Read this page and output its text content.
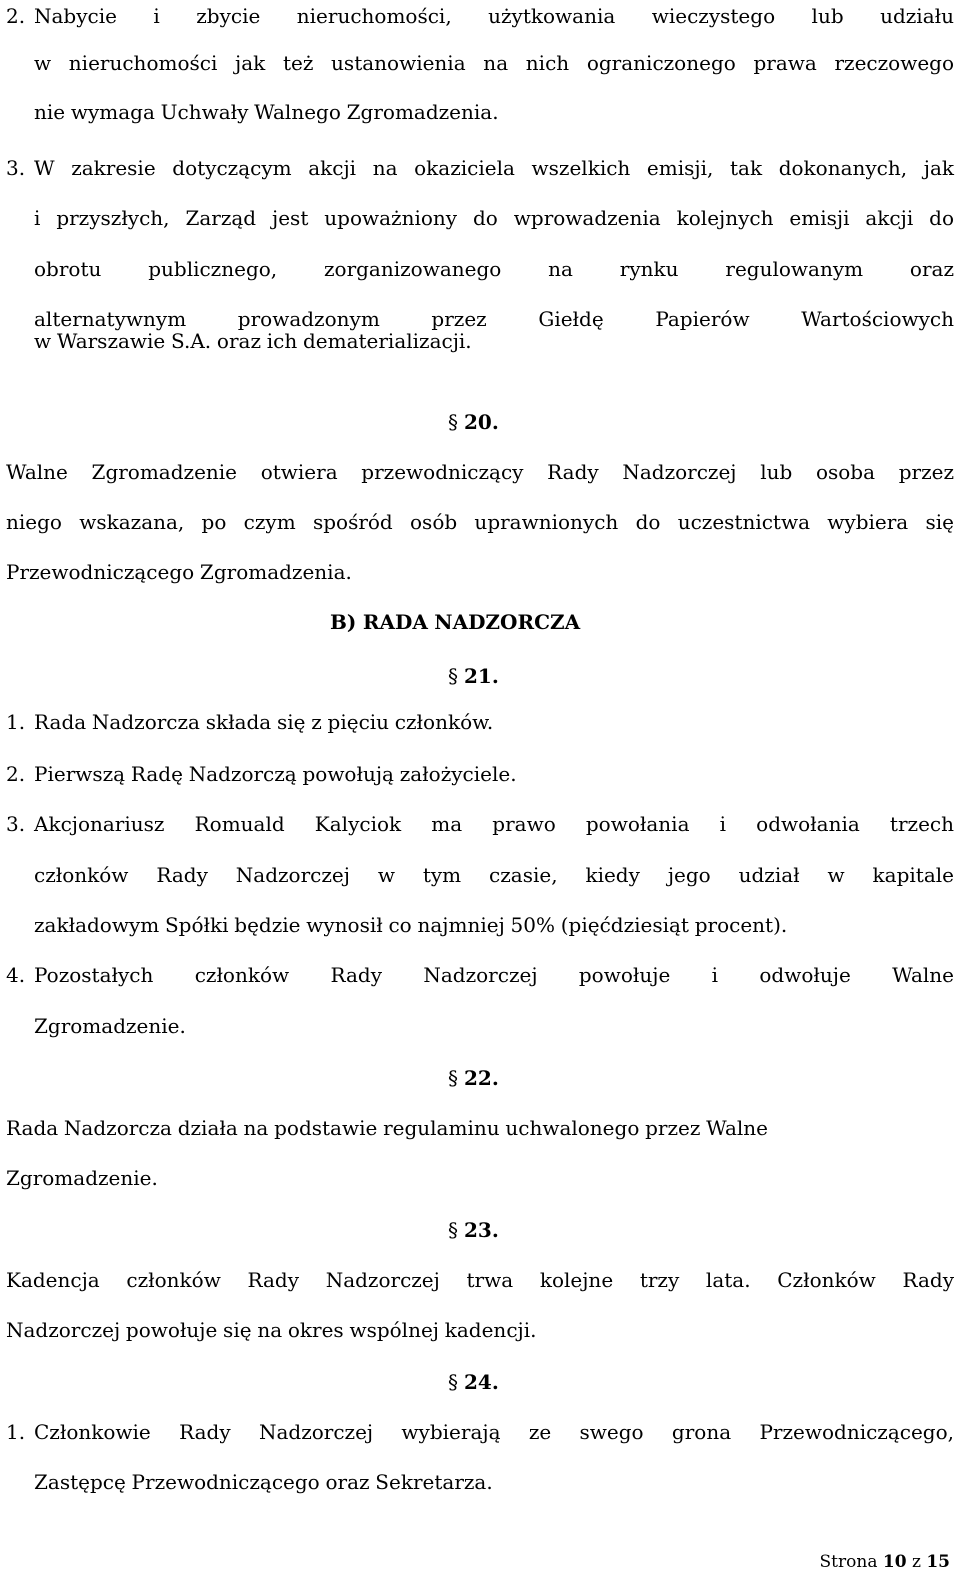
2. Nabycie i zbycie nieruchomości, użytkowania wieczystego lub udziału
w nieruchomości jak też ustanowienia na nich ograniczonego prawa rzeczowego
nie wymaga Uchwały Walnego Zgromadzenia.
3. W zakresie dotyczącym akcji na okaziciela wszelkich emisji, tak dokonanych, jak
i przyszłych, Zarząd jest upoważniony do wprowadzenia kolejnych emisji akcji do
obrotu publicznego, zorganizowanego na rynku regulowanym oraz
alternatywnym prowadzonym przez Giełdę Papierów Wartościowych
w Warszawie S.A. oraz ich dematerializacji.
§ 20.
Walne Zgromadzenie otwiera przewodniczący Rady Nadzorczej lub osoba przez
niego wskazana, po czym spośród osób uprawnionych do uczestnictwa wybiera się
Przewodniczącego Zgromadzenia.
B) RADA NADZORCZA
§ 21.
1. Rada Nadzorcza składa się z pięciu członków.
2. Pierwszą Radę Nadzorczą powołują założyciele.
3. Akcjonariusz Romuald Kalyciok ma prawo powołania i odwołania trzech
członków Rady Nadzorczej w tym czasie, kiedy jego udział w kapitale
zakładowym Spółki będzie wynosił co najmniej 50% (pięćdziesiąt procent).
4. Pozostałych członków Rady Nadzorczej powołuje i odwołuje Walne
Zgromadzenie.
§ 22.
Rada Nadzorcza działa na podstawie regulaminu uchwalonego przez Walne
Zgromadzenie.
§ 23.
Kadencja członków Rady Nadzorczej trwa kolejne trzy lata. Członków Rady
Nadzorczej powołuje się na okres wspólnej kadencji.
§ 24.
1. Członkowie Rady Nadzorczej wybierają ze swego grona Przewodniczącego,
Zastępcę Przewodniczącego oraz Sekretarza.
Strona 10 z 15
